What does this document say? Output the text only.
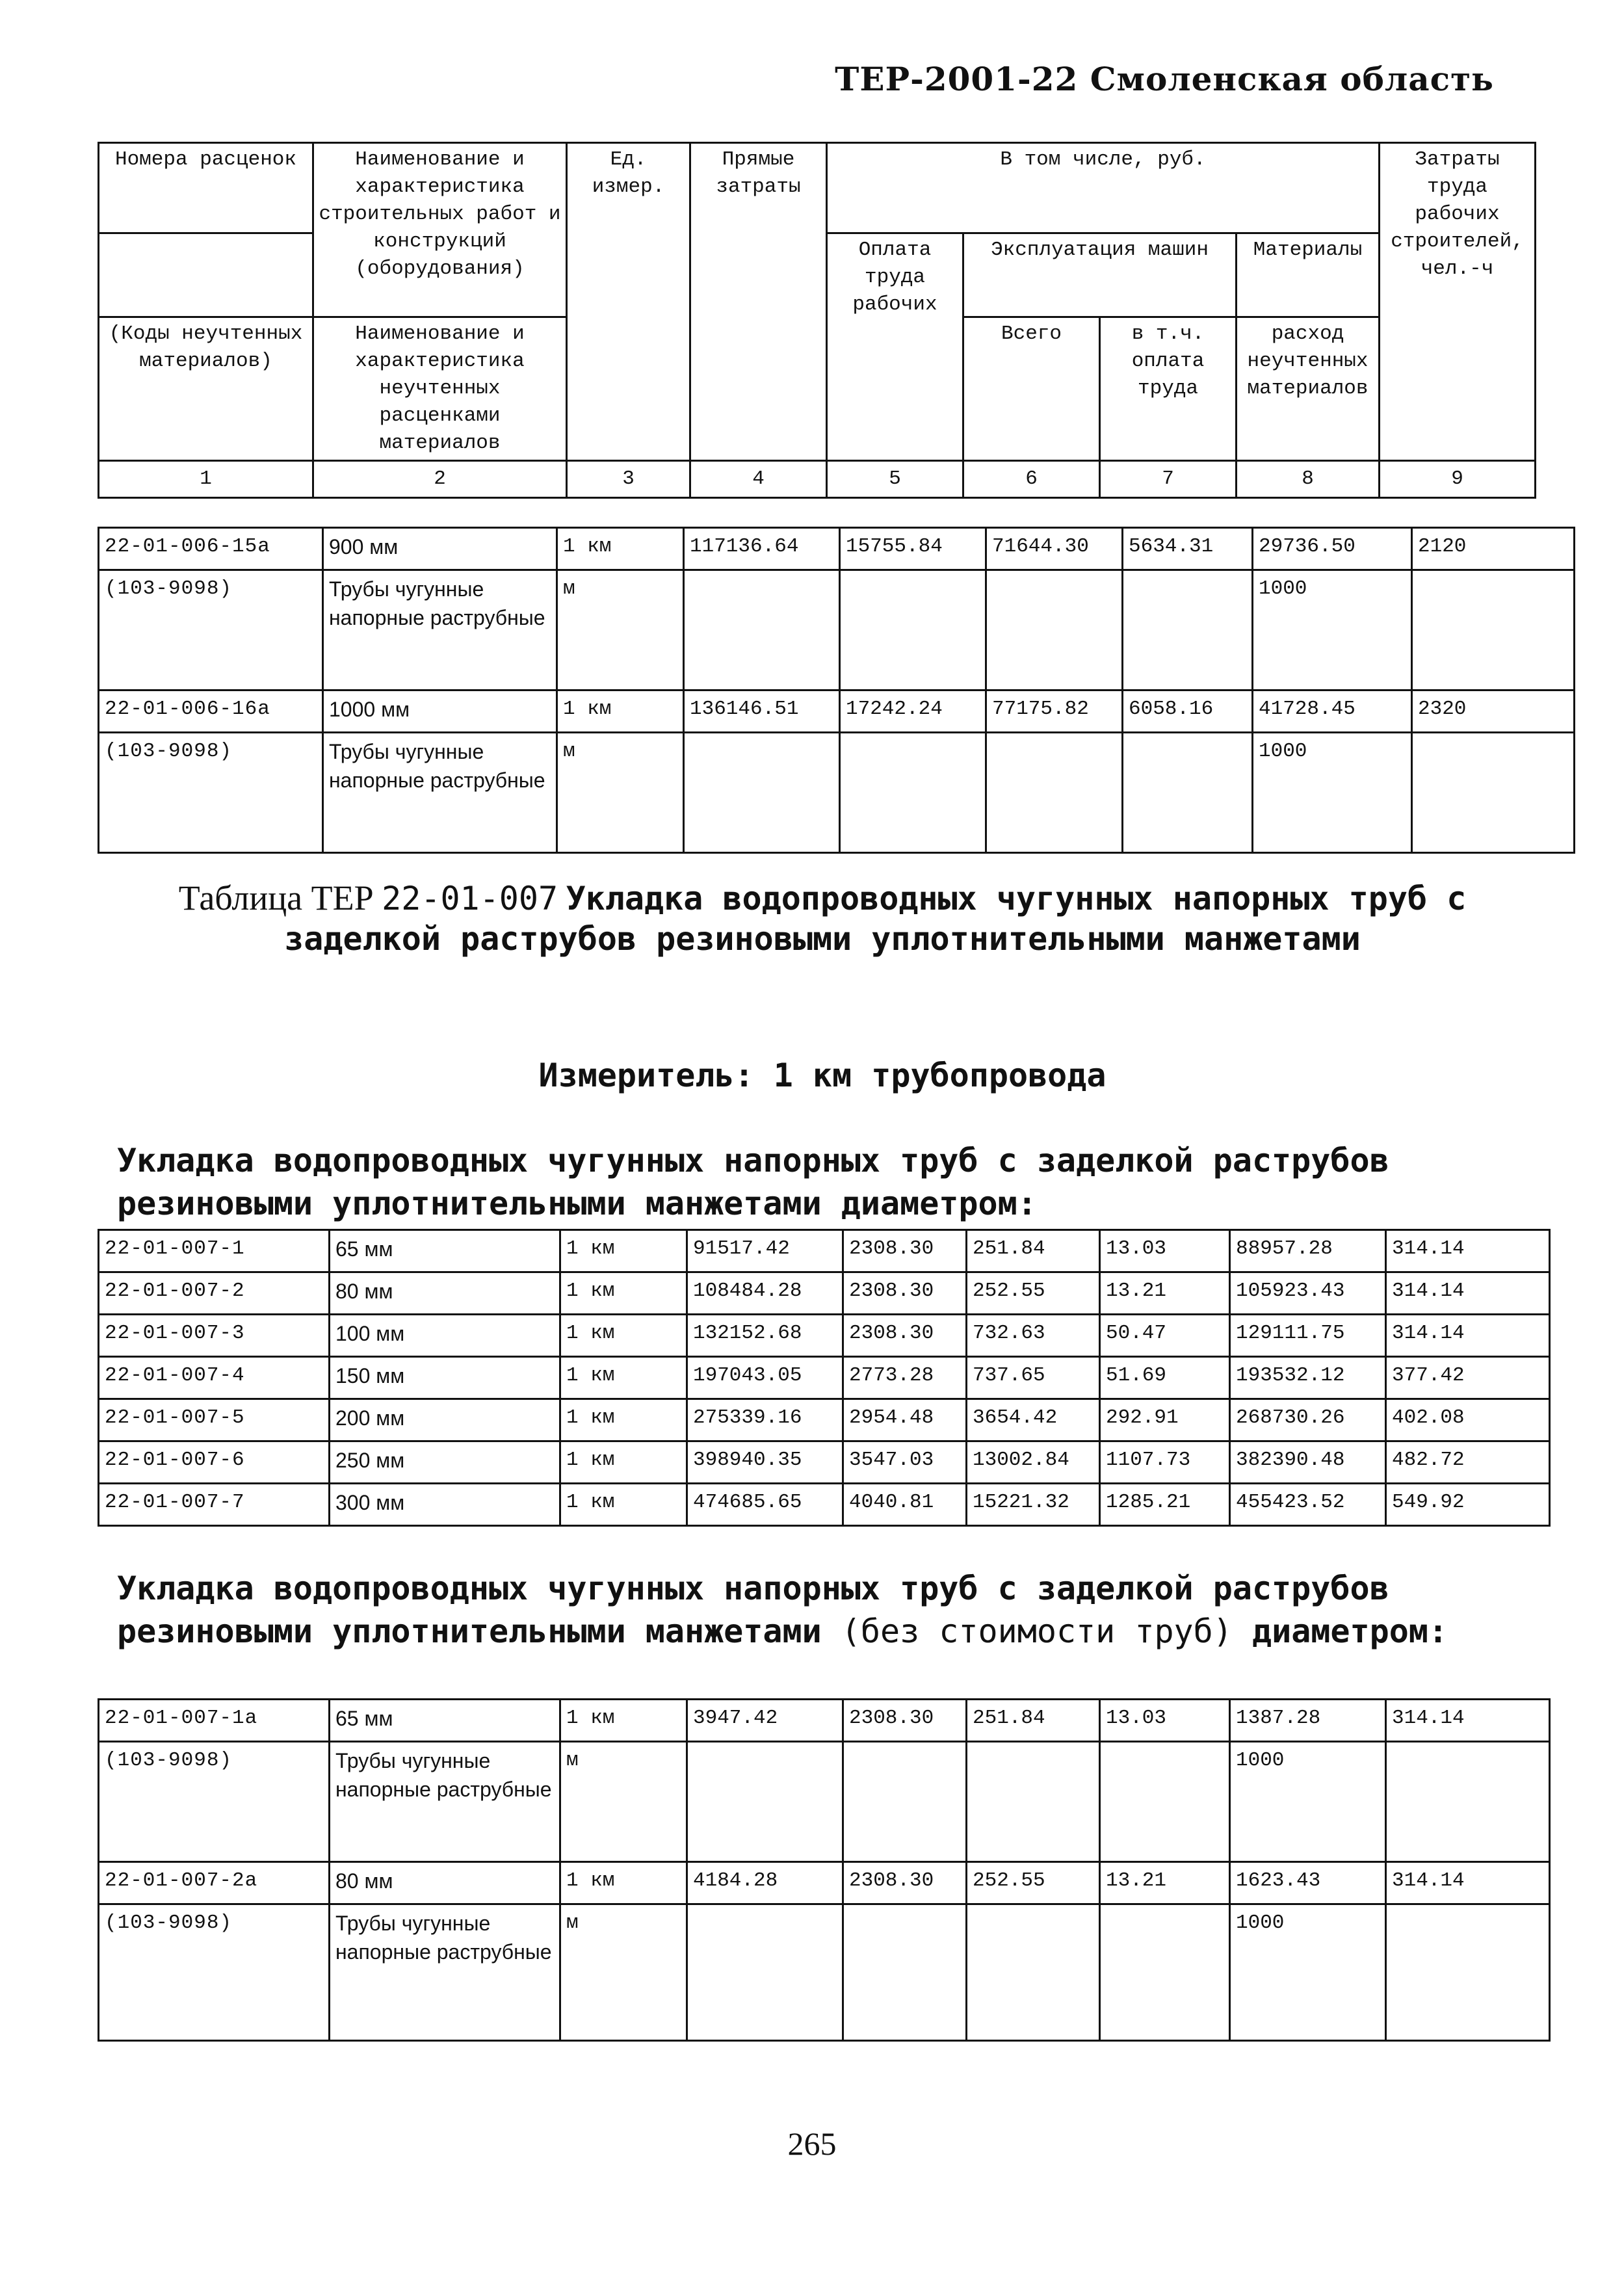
ТЕР-2001-22 Смоленская область
Номера расценок	Наименование и характеристика строительных работ и конструкций (оборудования)	Ед. измер.	Прямые затраты	В том числе, руб.				Затраты труда рабочих строителей, чел.-ч
				Оплата труда рабочих	Эксплуатация машин		Материалы	
(Коды неучтенных материалов)	Наименование и характеристика неучтенных расценками материалов				Всего	в т.ч. оплата труда	расход неучтенных материалов	
1	2	3	4	5	6	7	8	9
22-01-006-15а	900 мм	1 км	117136.64	15755.84	71644.30	5634.31	29736.50	2120
(103-9098)	Трубы чугунные напорные раструбные	м					1000	
22-01-006-16а	1000 мм	1 км	136146.51	17242.24	77175.82	6058.16	41728.45	2320
(103-9098)	Трубы чугунные напорные раструбные	м					1000	
Таблица ТЕР 22-01-007 Укладка водопроводных чугунных напорных труб с заделкой раструбов резиновыми уплотнительными манжетами
Измеритель: 1 км трубопровода
Укладка водопроводных чугунных напорных труб с заделкой раструбов резиновыми уплотнительными манжетами диаметром:
22-01-007-1	65 мм	1 км	91517.42	2308.30	251.84	13.03	88957.28	314.14
22-01-007-2	80 мм	1 км	108484.28	2308.30	252.55	13.21	105923.43	314.14
22-01-007-3	100 мм	1 км	132152.68	2308.30	732.63	50.47	129111.75	314.14
22-01-007-4	150 мм	1 км	197043.05	2773.28	737.65	51.69	193532.12	377.42
22-01-007-5	200 мм	1 км	275339.16	2954.48	3654.42	292.91	268730.26	402.08
22-01-007-6	250 мм	1 км	398940.35	3547.03	13002.84	1107.73	382390.48	482.72
22-01-007-7	300 мм	1 км	474685.65	4040.81	15221.32	1285.21	455423.52	549.92
Укладка водопроводных чугунных напорных труб с заделкой раструбов резиновыми уплотнительными манжетами (без стоимости труб) диаметром:
22-01-007-1а	65 мм	1 км	3947.42	2308.30	251.84	13.03	1387.28	314.14
(103-9098)	Трубы чугунные напорные раструбные	м					1000	
22-01-007-2а	80 мм	1 км	4184.28	2308.30	252.55	13.21	1623.43	314.14
(103-9098)	Трубы чугунные напорные раструбные	м					1000	
265
